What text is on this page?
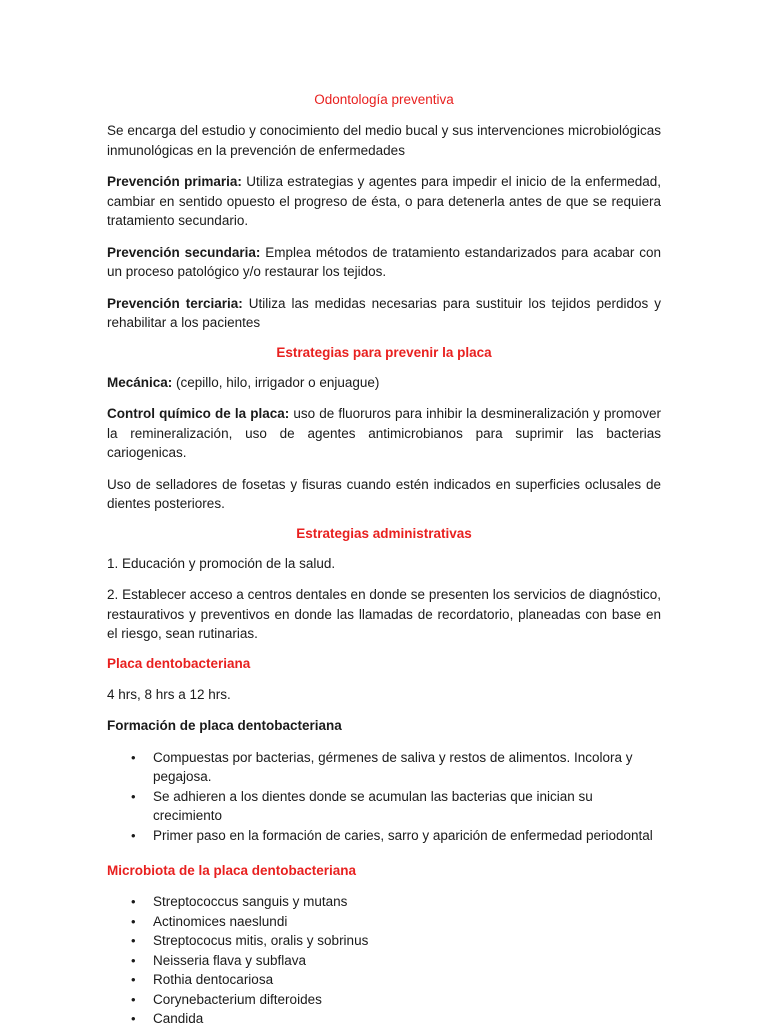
Odontología preventiva

Se encarga del estudio y conocimiento del medio bucal y sus intervenciones microbiológicas inmunológicas en la prevención de enfermedades

Prevención primaria: Utiliza estrategias y agentes para impedir el inicio de la enfermedad, cambiar en sentido opuesto el progreso de ésta, o para detenerla antes de que se requiera tratamiento secundario.

Prevención secundaria: Emplea métodos de tratamiento estandarizados para acabar con un proceso patológico y/o restaurar los tejidos.

Prevención terciaria: Utiliza las medidas necesarias para sustituir los tejidos perdidos y rehabilitar a los pacientes

Estrategias para prevenir la placa

Mecánica: (cepillo, hilo, irrigador o enjuague)

Control químico de la placa: uso de fluoruros para inhibir la desmineralización y promover la remineralización, uso de agentes antimicrobianos para suprimir las bacterias cariogenicas.

Uso de selladores de fosetas y fisuras cuando estén indicados en superficies oclusales de dientes posteriores.

Estrategias administrativas

1. Educación y promoción de la salud.

2. Establecer acceso a centros dentales en donde se presenten los servicios de diagnóstico, restaurativos y preventivos en donde las llamadas de recordatorio, planeadas con base en el riesgo, sean rutinarias.

Placa dentobacteriana

4 hrs, 8 hrs a 12 hrs.

Formación de placa dentobacteriana

• Compuestas por bacterias, gérmenes de saliva y restos de alimentos. Incolora y pegajosa.
• Se adhieren a los dientes donde se acumulan las bacterias que inician su crecimiento
• Primer paso en la formación de caries, sarro y aparición de enfermedad periodontal
Microbiota de la placa dentobacteriana
• Streptococcus sanguis y mutans
• Actinomices naeslundi
• Streptococus mitis, oralis y sobrinus
• Neisseria flava y subflava
• Rothia dentocariosa
• Corynebacterium difteroides
• Candida
